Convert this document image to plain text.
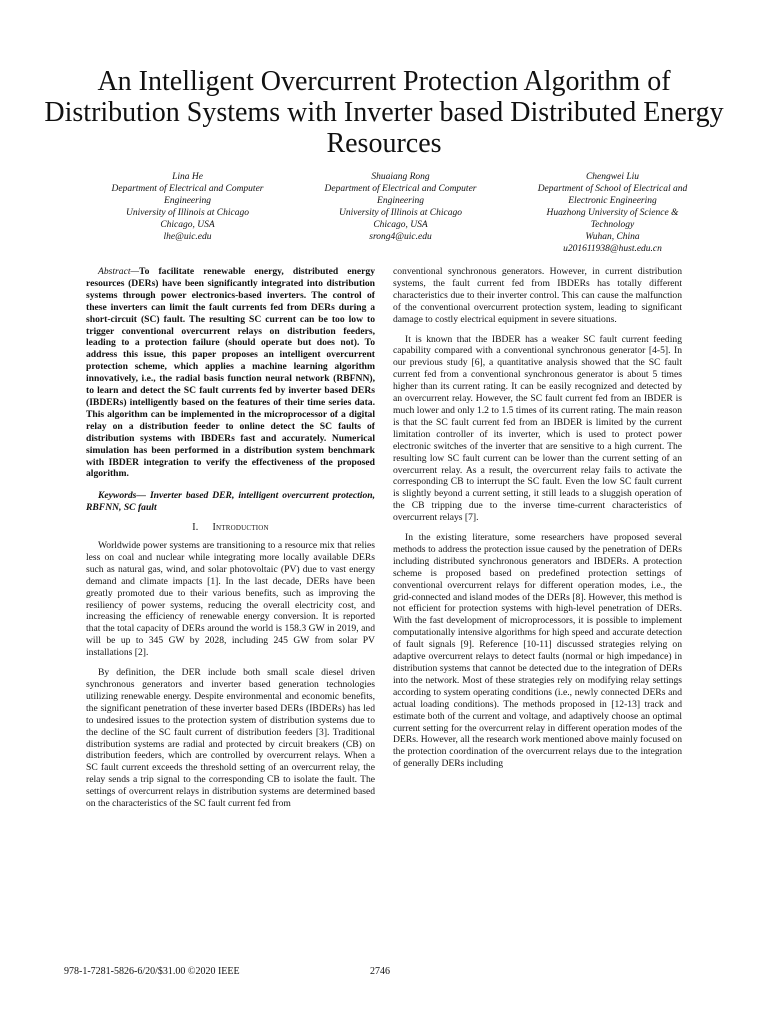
An Intelligent Overcurrent Protection Algorithm of Distribution Systems with Inverter based Distributed Energy Resources
Lina He
Department of Electrical and Computer
Engineering
University of Illinois at Chicago
Chicago, USA
lhe@uic.edu
Shuaiang Rong
Department of Electrical and Computer
Engineering
University of Illinois at Chicago
Chicago, USA
srong4@uic.edu
Chengwei Liu
Department of School of Electrical and
Electronic Engineering
Huazhong University of Science &
Technology
Wuhan, China
u201611938@hust.edu.cn

Abstract—To facilitate renewable energy, distributed energy resources (DERs) have been significantly integrated into distribution systems through power electronics-based inverters. The control of these inverters can limit the fault currents fed from DERs during a short-circuit (SC) fault. The resulting SC current can be too low to trigger conventional overcurrent relays on distribution feeders, leading to a protection failure (should operate but does not). To address this issue, this paper proposes an intelligent overcurrent protection scheme, which applies a machine learning algorithm innovatively, i.e., the radial basis function neural network (RBFNN), to learn and detect the SC fault currents fed by inverter based DERs (IBDERs) intelligently based on the features of their time series data. This algorithm can be implemented in the microprocessor of a digital relay on a distribution feeder to online detect the SC faults of distribution systems with IBDERs fast and accurately. Numerical simulation has been performed in a distribution system benchmark with IBDER integration to verify the effectiveness of the proposed algorithm.

Keywords— Inverter based DER, intelligent overcurrent protection, RBFNN, SC fault

I. Introduction

Worldwide power systems are transitioning to a resource mix that relies less on coal and nuclear while integrating more locally available DERs such as natural gas, wind, and solar photovoltaic (PV) due to vast energy demand and climate impacts [1]. In the last decade, DERs have been greatly promoted due to their various benefits, such as improving the resiliency of power systems, reducing the overall electricity cost, and increasing the efficiency of renewable energy conversion. It is reported that the total capacity of DERs around the world is 158.3 GW in 2019, and will be up to 345 GW by 2028, including 245 GW from solar PV installations [2].

By definition, the DER include both small scale diesel driven synchronous generators and inverter based generation technologies utilizing renewable energy. Despite environmental and economic benefits, the significant penetration of these inverter based DERs (IBDERs) has led to undesired issues to the protection system of distribution systems due to the decline of the SC fault current of distribution feeders [3]. Traditional distribution systems are radial and protected by circuit breakers (CB) on distribution feeders, which are controlled by overcurrent relays. When a SC fault current exceeds the threshold setting of an overcurrent relay, the relay sends a trip signal to the corresponding CB to isolate the fault. The settings of overcurrent relays in distribution systems are determined based on the characteristics of the SC fault current fed from

conventional synchronous generators. However, in current distribution systems, the fault current fed from IBDERs has totally different characteristics due to their inverter control. This can cause the malfunction of the conventional overcurrent protection system, leading to significant damage to costly electrical equipment in severe situations.

It is known that the IBDER has a weaker SC fault current feeding capability compared with a conventional synchronous generator [4-5]. In our previous study [6], a quantitative analysis showed that the SC fault current fed from a conventional synchronous generator is about 5 times higher than its current rating. It can be easily recognized and detected by an overcurrent relay. However, the SC fault current fed from an IBDER is much lower and only 1.2 to 1.5 times of its current rating. The main reason is that the SC fault current fed from an IBDER is limited by the current limitation controller of its inverter, which is used to protect power electronic switches of the inverter that are sensitive to a high current. The resulting low SC fault current can be lower than the current setting of an overcurrent relay. As a result, the overcurrent relay fails to activate the corresponding CB to interrupt the SC fault. Even the low SC fault current is slightly beyond a current setting, it still leads to a sluggish operation of the CB tripping due to the inverse time-current characteristics of overcurrent relays [7].

In the existing literature, some researchers have proposed several methods to address the protection issue caused by the penetration of DERs including distributed synchronous generators and IBDERs. A protection scheme is proposed based on predefined protection settings of conventional overcurrent relays for different operation modes, i.e., the grid-connected and island modes of the DERs [8]. However, this method is not efficient for protection systems with high-level penetration of DERs. With the fast development of microprocessors, it is possible to implement computationally intensive algorithms for high speed and accurate detection of fault signals [9]. Reference [10-11] discussed strategies relying on adaptive overcurrent relays to detect faults (normal or high impedance) in distribution systems that cannot be detected due to the integration of DERs into the network. Most of these strategies rely on modifying relay settings according to system operating conditions (i.e., newly connected DERs and actual loading conditions). The methods proposed in [12-13] track and estimate both of the current and voltage, and adaptively choose an optimal current setting for the overcurrent relay in different operation modes of the DERs. However, all the research work mentioned above mainly focused on the protection coordination of the overcurrent relays due to the integration of generally DERs including

978-1-7281-5826-6/20/$31.00 ©2020 IEEE	2746
